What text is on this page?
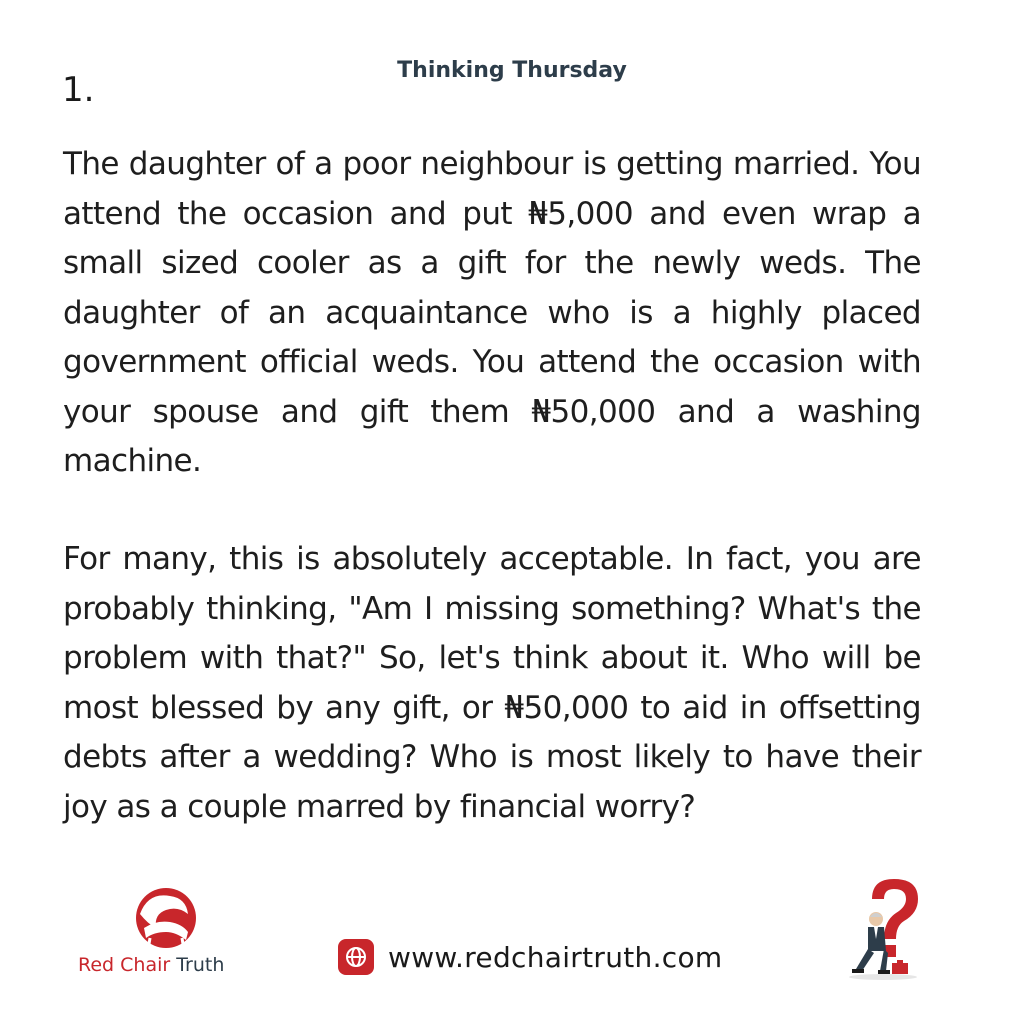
Thinking Thursday
1.
The daughter of a poor neighbour is getting married. You
attend the occasion and put ₦5,000 and even wrap a
small sized cooler as a gift for the newly weds. The
daughter of an acquaintance who is a highly placed
government official weds. You attend the occasion with
your spouse and gift them ₦50,000 and a washing
machine.
For many, this is absolutely acceptable. In fact, you are
probably thinking, "Am I missing something? What's the
problem with that?" So, let's think about it. Who will be
most blessed by any gift, or ₦50,000 to aid in offsetting
debts after a wedding? Who is most likely to have their
joy as a couple marred by financial worry?
Red Chair Truth	www.redchairtruth.com
